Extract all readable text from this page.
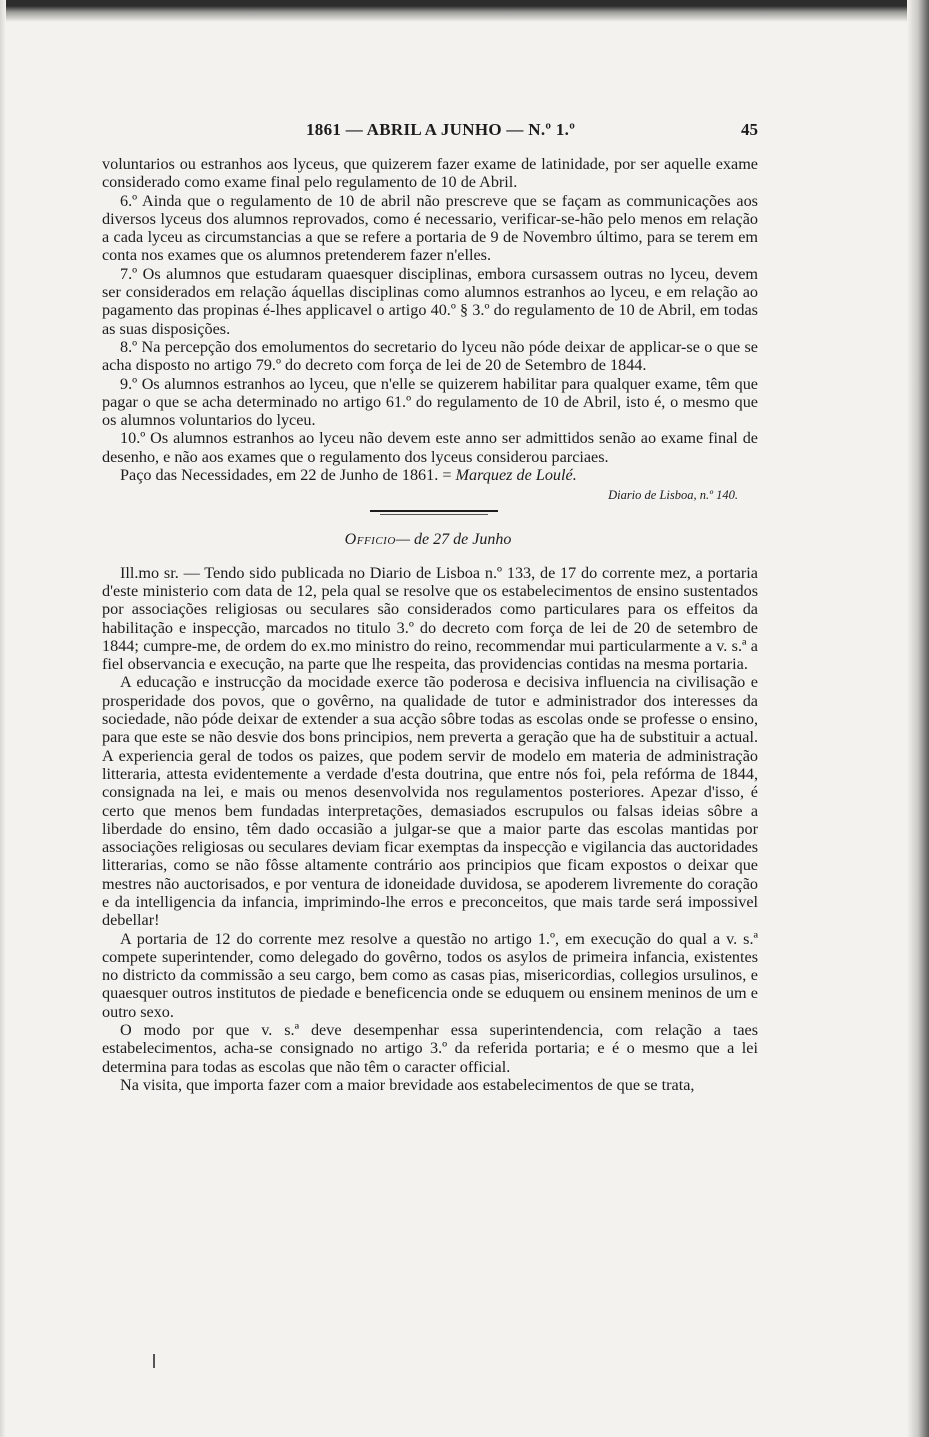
1861 — ABRIL A JUNHO — N.º 1.º	45

voluntarios ou estranhos aos lyceus, que quizerem fazer exame de latinidade, por ser aquelle exame considerado como exame final pelo regulamento de 10 de Abril.

6.º Ainda que o regulamento de 10 de abril não prescreve que se façam as communicações aos diversos lyceus dos alumnos reprovados, como é necessario, verificar-se-hão pelo menos em relação a cada lyceu as circumstancias a que se refere a portaria de 9 de Novembro último, para se terem em conta nos exames que os alumnos pretenderem fazer n'elles.

7.º Os alumnos que estudaram quaesquer disciplinas, embora cursassem outras no lyceu, devem ser considerados em relação áquellas disciplinas como alumnos estranhos ao lyceu, e em relação ao pagamento das propinas é-lhes applicavel o artigo 40.º § 3.º do regulamento de 10 de Abril, em todas as suas disposições.

8.º Na percepção dos emolumentos do secretario do lyceu não póde deixar de applicar-se o que se acha disposto no artigo 79.º do decreto com força de lei de 20 de Setembro de 1844.

9.º Os alumnos estranhos ao lyceu, que n'elle se quizerem habilitar para qualquer exame, têm que pagar o que se acha determinado no artigo 61.º do regulamento de 10 de Abril, isto é, o mesmo que os alumnos voluntarios do lyceu.

10.º Os alumnos estranhos ao lyceu não devem este anno ser admittidos senão ao exame final de desenho, e não aos exames que o regulamento dos lyceus considerou parciaes.

Paço das Necessidades, em 22 de Junho de 1861. = Marquez de Loulé.

Diario de Lisboa, n.º 140.
Officio— de 27 de Junho

Ill.mo sr. — Tendo sido publicada no Diario de Lisboa n.º 133, de 17 do corrente mez, a portaria d'este ministerio com data de 12, pela qual se resolve que os estabelecimentos de ensino sustentados por associações religiosas ou seculares são considerados como particulares para os effeitos da habilitação e inspecção, marcados no titulo 3.º do decreto com força de lei de 20 de setembro de 1844; cumpre-me, de ordem do ex.mo ministro do reino, recommendar mui particularmente a v. s.ª a fiel observancia e execução, na parte que lhe respeita, das providencias contidas na mesma portaria.

A educação e instrucção da mocidade exerce tão poderosa e decisiva influencia na civilisação e prosperidade dos povos, que o govêrno, na qualidade de tutor e administrador dos interesses da sociedade, não póde deixar de extender a sua acção sôbre todas as escolas onde se professe o ensino, para que este se não desvie dos bons principios, nem preverta a geração que ha de substituir a actual. A experiencia geral de todos os paizes, que podem servir de modelo em materia de administração litteraria, attesta evidentemente a verdade d'esta doutrina, que entre nós foi, pela refórma de 1844, consignada na lei, e mais ou menos desenvolvida nos regulamentos posteriores. Apezar d'isso, é certo que menos bem fundadas interpretações, demasiados escrupulos ou falsas ideias sôbre a liberdade do ensino, têm dado occasião a julgar-se que a maior parte das escolas mantidas por associações religiosas ou seculares deviam ficar exemptas da inspecção e vigilancia das auctoridades litterarias, como se não fôsse altamente contrário aos principios que ficam expostos o deixar que mestres não auctorisados, e por ventura de idoneidade duvidosa, se apoderem livremente do coração e da intelligencia da infancia, imprimindo-lhe erros e preconceitos, que mais tarde será impossivel debellar!

A portaria de 12 do corrente mez resolve a questão no artigo 1.º, em execução do qual a v. s.ª compete superintender, como delegado do govêrno, todos os asylos de primeira infancia, existentes no districto da commissão a seu cargo, bem como as casas pias, misericordias, collegios ursulinos, e quaesquer outros institutos de piedade e beneficencia onde se eduquem ou ensinem meninos de um e outro sexo.

O modo por que v. s.ª deve desempenhar essa superintendencia, com relação a taes estabelecimentos, acha-se consignado no artigo 3.º da referida portaria; e é o mesmo que a lei determina para todas as escolas que não têm o caracter official.

Na visita, que importa fazer com a maior brevidade aos estabelecimentos de que se trata,
